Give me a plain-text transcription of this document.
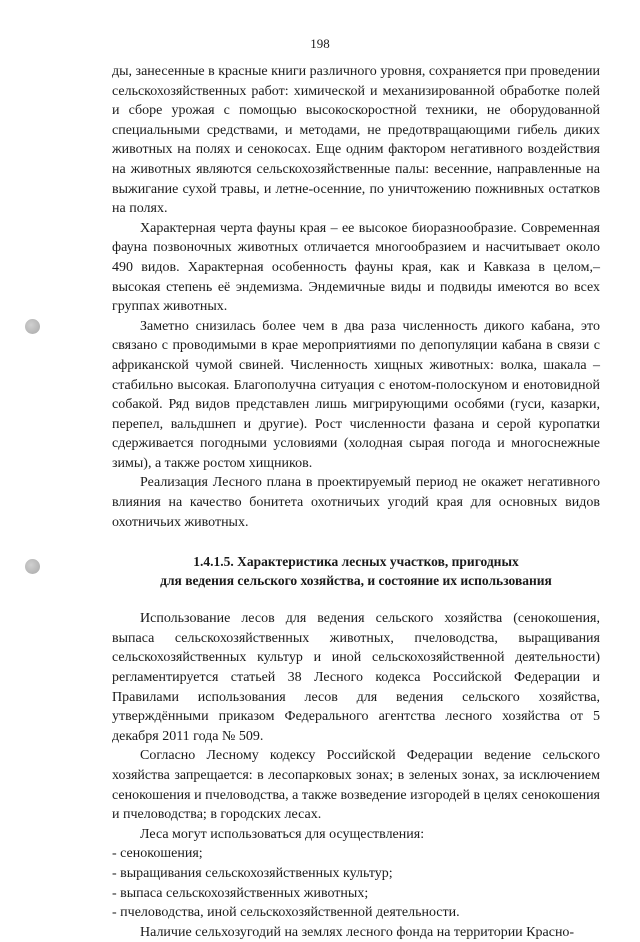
198

ды, занесенные в красные книги различного уровня, сохраняется при проведении сельскохозяйственных работ: химической и механизированной обработке полей и сборе урожая с помощью высокоскоростной техники, не оборудованной специальными средствами, и методами, не предотвращающими гибель диких животных на полях и сенокосах. Еще одним фактором негативного воздействия на животных являются сельскохозяйственные палы: весенние, направленные на выжигание сухой травы, и летне-осенние, по уничтожению пожнивных остатков на полях.

Характерная черта фауны края – ее высокое биоразнообразие. Современная фауна позвоночных животных отличается многообразием и насчитывает около 490 видов. Характерная особенность фауны края, как и Кавказа в целом,– высокая степень её эндемизма. Эндемичные виды и подвиды имеются во всех группах животных.

Заметно снизилась более чем в два раза численность дикого кабана, это связано с проводимыми в крае мероприятиями по депопуляции кабана в связи с африканской чумой свиней. Численность хищных животных: волка, шакала – стабильно высокая. Благополучна ситуация с енотом-полоскуном и енотовидной собакой. Ряд видов представлен лишь мигрирующими особями (гуси, казарки, перепел, вальдшнеп и другие). Рост численности фазана и серой куропатки сдерживается погодными условиями (холодная сырая погода и многоснежные зимы), а также ростом хищников.

Реализация Лесного плана в проектируемый период не окажет негативного влияния на качество бонитета охотничьих угодий края для основных видов охотничьих животных.

1.4.1.5. Характеристика лесных участков, пригодных
для ведения сельского хозяйства, и состояние их использования

Использование лесов для ведения сельского хозяйства (сенокошения, выпаса сельскохозяйственных животных, пчеловодства, выращивания сельскохозяйственных культур и иной сельскохозяйственной деятельности) регламентируется статьей 38 Лесного кодекса Российской Федерации и Правилами использования лесов для ведения сельского хозяйства, утверждёнными приказом Федерального агентства лесного хозяйства от 5 декабря 2011 года № 509.

Согласно Лесному кодексу Российской Федерации ведение сельского хозяйства запрещается: в лесопарковых зонах; в зеленых зонах, за исключением сенокошения и пчеловодства, а также возведение изгородей в целях сенокошения и пчеловодства; в городских лесах.

Леса могут использоваться для осуществления:

- сенокошения;
- выращивания сельскохозяйственных культур;
- выпаса сельскохозяйственных животных;
- пчеловодства, иной сельскохозяйственной деятельности.

Наличие сельхозугодий на землях лесного фонда на территории Красно-
